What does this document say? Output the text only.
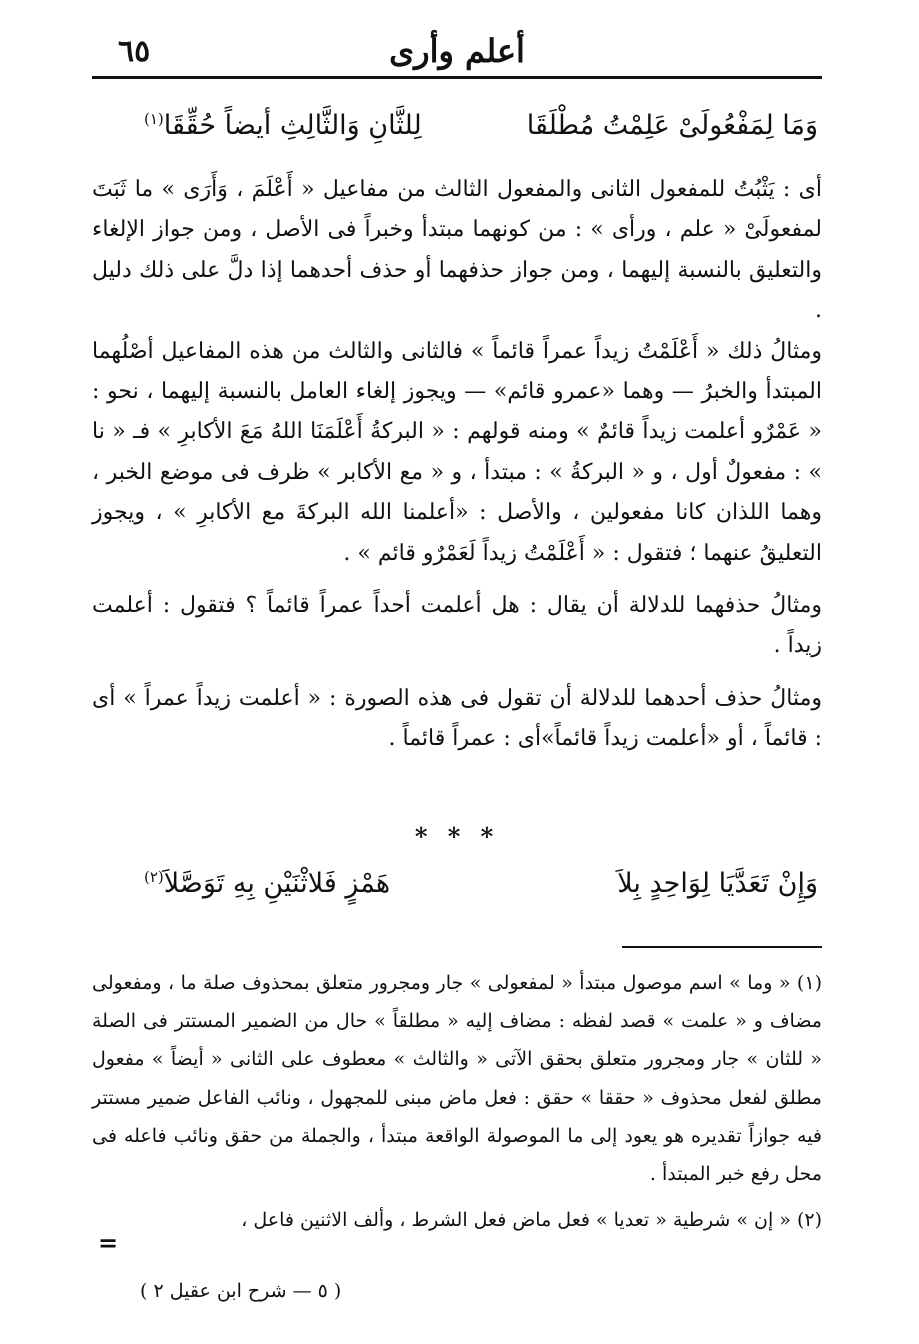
٦٥	أعلم وأرى
وَمَا لِمَفْعُولَىْ عَلِمْتُ مُطْلَقَا
لِلثَّانِ وَالثَّالِثِ أيضاً حُقِّقَا$^{(١)}$

أى : يَثْبُتُ للمفعول الثانى والمفعول الثالث من مفاعيل « أَعْلَمَ ، وَأَرَى » ما ثَبَتَ لمفعولَىْ « علم ، ورأى » : من كونهما مبتدأ وخبراً فى الأصل ، ومن جواز الإلغاء والتعليق بالنسبة إليهما ، ومن جواز حذفهما أو حذف أحدهما إذا دلَّ على ذلك دليل .

ومثالُ ذلك « أَعْلَمْتُ زيداً عمراً قائماً » فالثانى والثالث من هذه المفاعيل أصْلُهما المبتدأ والخبرُ — وهما «عمرو قائم» — ويجوز إلغاء العامل بالنسبة إليهما ، نحو : « عَمْرٌو أعلمت زيداً قائمٌ » ومنه قولهم : « البركةُ أَعْلَمَنَا اللهُ مَعَ الأكابرِ » فـ « نا » : مفعولٌ أول ، و « البركةُ » : مبتدأ ، و « مع الأكابر » ظرف فى موضع الخبر ، وهما اللذان كانا مفعولين ، والأصل : «أعلمنا الله البركةَ مع الأكابرِ » ، ويجوز التعليقُ عنهما ؛ فتقول : « أَعْلَمْتُ زيداً لَعَمْرٌو قائم » .

ومثالُ حذفهما للدلالة أن يقال : هل أعلمت أحداً عمراً قائماً ؟ فتقول : أعلمت زيداً .

ومثالُ حذف أحدهما للدلالة أن تقول فى هذه الصورة : « أعلمت زيداً عمراً » أى : قائماً ، أو «أعلمت زيداً قائماً»أى : عمراً قائماً .

* * *
وَإِنْ تَعَدَّيَا لِوَاحِدٍ بِلاَ
هَمْزٍ فَلاثْنَيْنِ بِهِ تَوَصَّلاَ$^{(٢)}$

(١) « وما » اسم موصول مبتدأ « لمفعولى » جار ومجرور متعلق بمحذوف صلة ما ، ومفعولى مضاف و « علمت » قصد لفظه : مضاف إليه « مطلقاً » حال من الضمير المستتر فى الصلة « للثان » جار ومجرور متعلق بحقق الآتى « والثالث » معطوف على الثانى « أيضاً » مفعول مطلق لفعل محذوف « حققا » حقق : فعل ماض مبنى للمجهول ، ونائب الفاعل ضمير مستتر فيه جوازاً تقديره هو يعود إلى ما الموصولة الواقعة مبتدأ ، والجملة من حقق ونائب فاعله فى محل رفع خبر المبتدأ .

(٢) « إن » شرطية « تعديا » فعل ماض فعل الشرط ، وألف الاثنين فاعل ،

=
( ٥ — شرح ابن عقيل ٢ )
